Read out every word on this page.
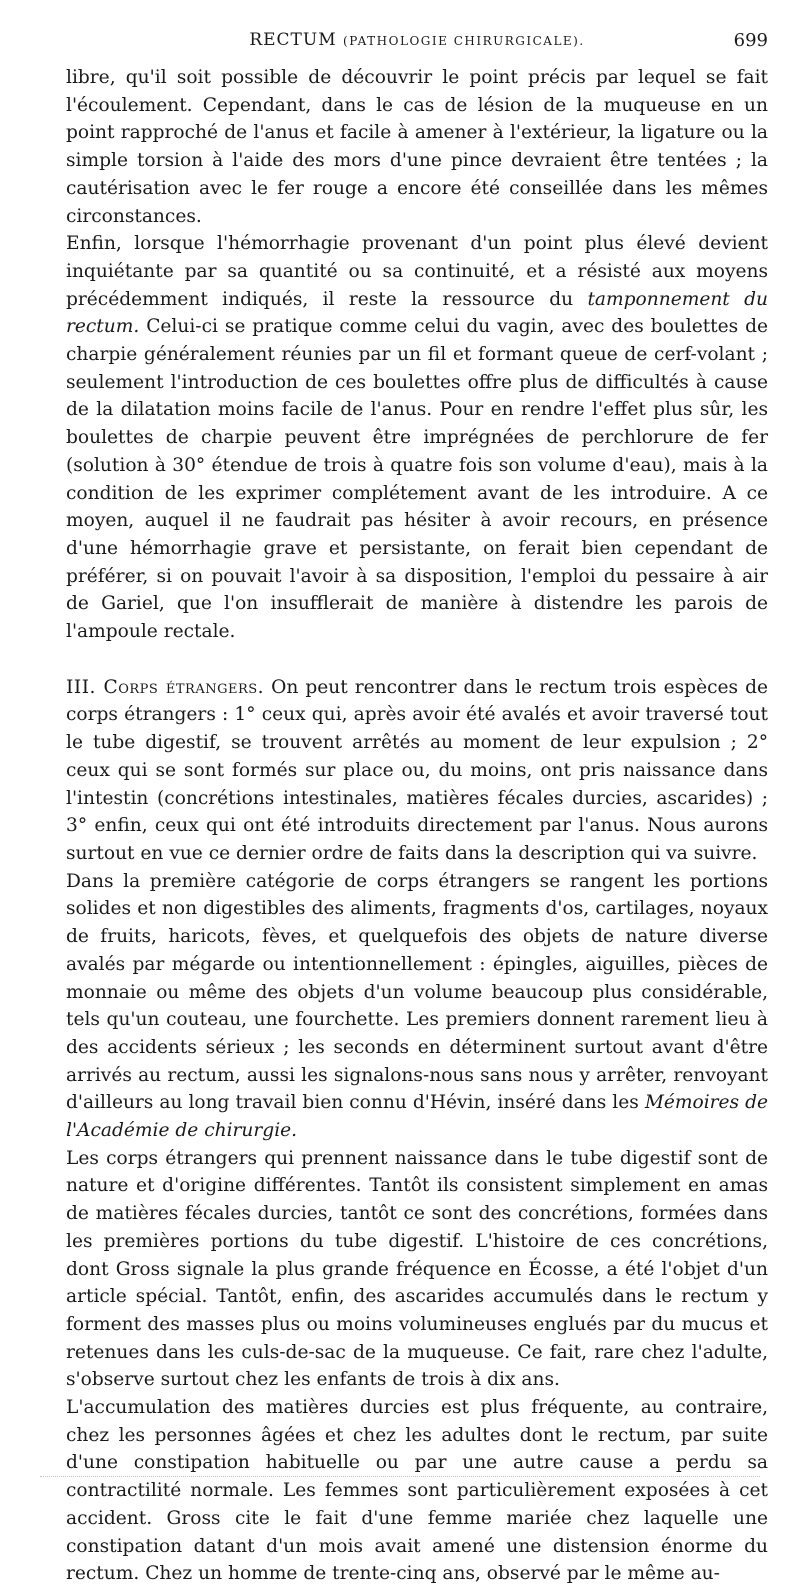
RECTUM (PATHOLOGIE CHIRURGICALE).	699

libre, qu'il soit possible de découvrir le point précis par lequel se fait l'écoulement. Cependant, dans le cas de lésion de la muqueuse en un point rapproché de l'anus et facile à amener à l'extérieur, la ligature ou la simple torsion à l'aide des mors d'une pince devraient être tentées ; la cautérisation avec le fer rouge a encore été conseillée dans les mêmes circonstances.

Enfin, lorsque l'hémorrhagie provenant d'un point plus élevé devient inquiétante par sa quantité ou sa continuité, et a résisté aux moyens précédemment indiqués, il reste la ressource du tamponnement du rectum. Celui-ci se pratique comme celui du vagin, avec des boulettes de charpie généralement réunies par un fil et formant queue de cerf-volant ; seulement l'introduction de ces boulettes offre plus de difficultés à cause de la dilatation moins facile de l'anus. Pour en rendre l'effet plus sûr, les boulettes de charpie peuvent être imprégnées de perchlorure de fer (solution à 30° étendue de trois à quatre fois son volume d'eau), mais à la condition de les exprimer complétement avant de les introduire. A ce moyen, auquel il ne faudrait pas hésiter à avoir recours, en présence d'une hémorrhagie grave et persistante, on ferait bien cependant de préférer, si on pouvait l'avoir à sa disposition, l'emploi du pessaire à air de Gariel, que l'on insufflerait de manière à distendre les parois de l'ampoule rectale.

III. Corps étrangers. On peut rencontrer dans le rectum trois espèces de corps étrangers : 1° ceux qui, après avoir été avalés et avoir traversé tout le tube digestif, se trouvent arrêtés au moment de leur expulsion ; 2° ceux qui se sont formés sur place ou, du moins, ont pris naissance dans l'intestin (concrétions intestinales, matières fécales durcies, ascarides) ; 3° enfin, ceux qui ont été introduits directement par l'anus. Nous aurons surtout en vue ce dernier ordre de faits dans la description qui va suivre.

Dans la première catégorie de corps étrangers se rangent les portions solides et non digestibles des aliments, fragments d'os, cartilages, noyaux de fruits, haricots, fèves, et quelquefois des objets de nature diverse avalés par mégarde ou intentionnellement : épingles, aiguilles, pièces de monnaie ou même des objets d'un volume beaucoup plus considérable, tels qu'un couteau, une fourchette. Les premiers donnent rarement lieu à des accidents sérieux ; les seconds en déterminent surtout avant d'être arrivés au rectum, aussi les signalons-nous sans nous y arrêter, renvoyant d'ailleurs au long travail bien connu d'Hévin, inséré dans les Mémoires de l'Académie de chirurgie.

Les corps étrangers qui prennent naissance dans le tube digestif sont de nature et d'origine différentes. Tantôt ils consistent simplement en amas de matières fécales durcies, tantôt ce sont des concrétions, formées dans les premières portions du tube digestif. L'histoire de ces concrétions, dont Gross signale la plus grande fréquence en Écosse, a été l'objet d'un article spécial. Tantôt, enfin, des ascarides accumulés dans le rectum y forment des masses plus ou moins volumineuses englués par du mucus et retenues dans les culs-de-sac de la muqueuse. Ce fait, rare chez l'adulte, s'observe surtout chez les enfants de trois à dix ans.

L'accumulation des matières durcies est plus fréquente, au contraire, chez les personnes âgées et chez les adultes dont le rectum, par suite d'une constipation habituelle ou par une autre cause a perdu sa contractilité normale. Les femmes sont particulièrement exposées à cet accident. Gross cite le fait d'une femme mariée chez laquelle une constipation datant d'un mois avait amené une distension énorme du rectum. Chez un homme de trente-cinq ans, observé par le même au-
